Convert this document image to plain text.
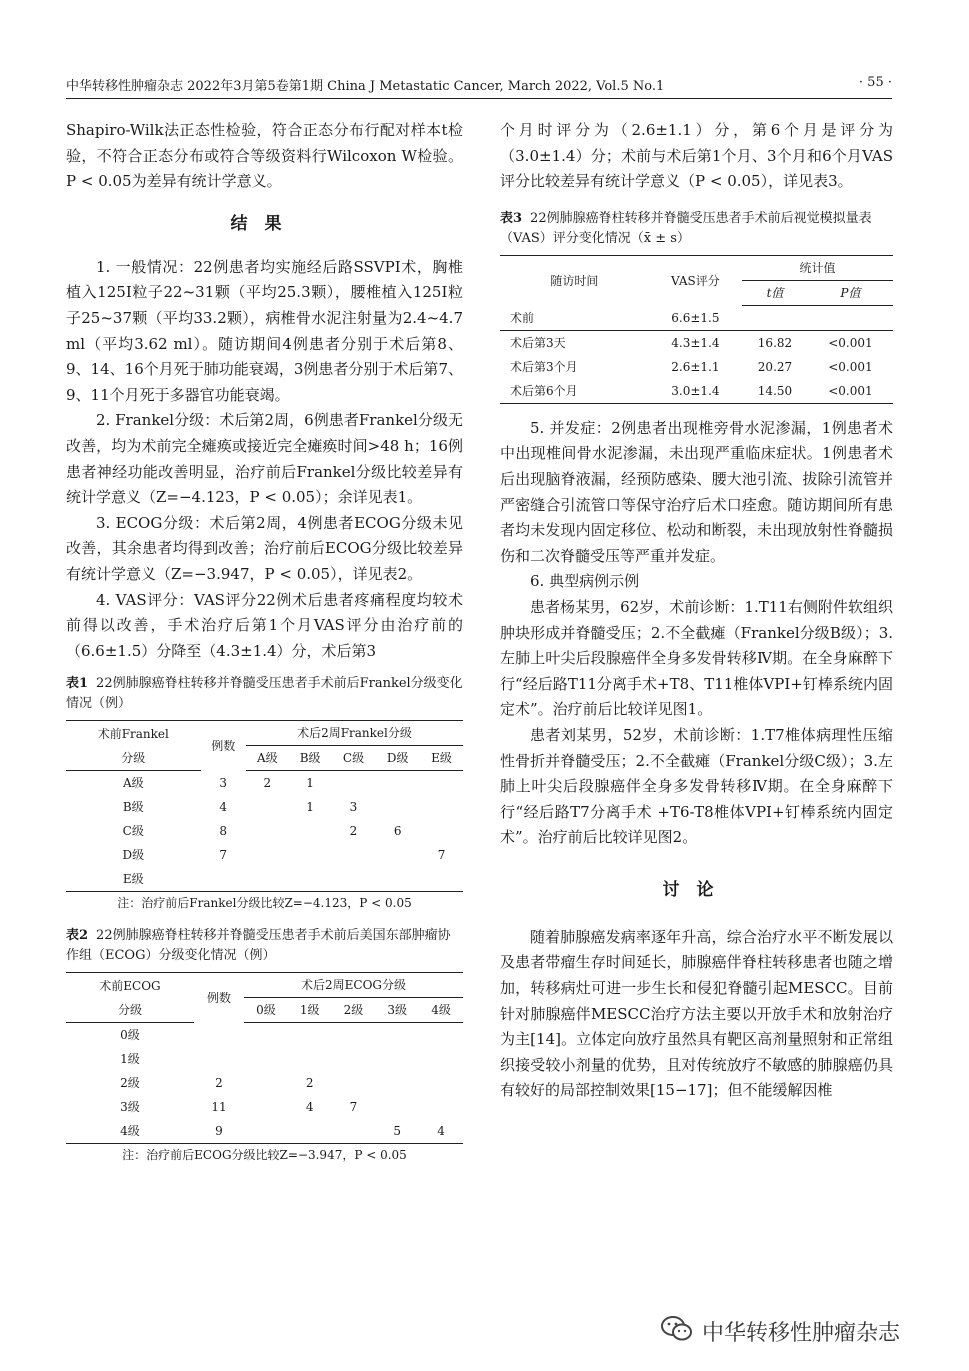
中华转移性肿瘤杂志 2022年3月第5卷第1期 China J Metastatic Cancer, March 2022, Vol.5 No.1	· 55 ·

Shapiro-Wilk法正态性检验，符合正态分布行配对样本t检验，不符合正态分布或符合等级资料行Wilcoxon W检验。P < 0.05为差异有统计学意义。

结果

1. 一般情况：22例患者均实施经后路SSVPI术，胸椎植入125I粒子22~31颗（平均25.3颗），腰椎植入125I粒子25~37颗（平均33.2颗），病椎骨水泥注射量为2.4~4.7 ml（平均3.62 ml）。随访期间4例患者分别于术后第8、9、14、16个月死于肺功能衰竭，3例患者分别于术后第7、9、11个月死于多器官功能衰竭。

2. Frankel分级：术后第2周，6例患者Frankel分级无改善，均为术前完全瘫痪或接近完全瘫痪时间>48 h；16例患者神经功能改善明显，治疗前后Frankel分级比较差异有统计学意义（Z=−4.123，P < 0.05）；余详见表1。

3. ECOG分级：术后第2周，4例患者ECOG分级未见改善，其余患者均得到改善；治疗前后ECOG分级比较差异有统计学意义（Z=−3.947，P < 0.05），详见表2。

4. VAS评分：VAS评分22例术后患者疼痛程度均较术前得以改善，手术治疗后第1个月VAS评分由治疗前的（6.6±1.5）分降至（4.3±1.4）分，术后第3

表1 22例肺腺癌脊柱转移并脊髓受压患者手术前后Frankel分级变化情况（例）

术前Frankel	例数	术后2周Frankel分级				
分级		A级	B级	C级	D级	E级
A级	3	2	1			
B级	4		1	3		
C级	8			2	6	
D级	7					7
E级						

注：治疗前后Frankel分级比较Z=−4.123，P < 0.05

表2 22例肺腺癌脊柱转移并脊髓受压患者手术前后美国东部肿瘤协作组（ECOG）分级变化情况（例）

术前ECOG	例数	术后2周ECOG分级				
分级		0级	1级	2级	3级	4级
0级						
1级						
2级	2		2			
3级	11		4	7		
4级	9				5	4

注：治疗前后ECOG分级比较Z=−3.947，P < 0.05

个月时评分为（2.6±1.1）分，第6个月是评分为（3.0±1.4）分；术前与术后第1个月、3个月和6个月VAS评分比较差异有统计学意义（P < 0.05），详见表3。

表3 22例肺腺癌脊柱转移并脊髓受压患者手术前后视觉模拟量表（VAS）评分变化情况（x̄ ± s）

随访时间	VAS评分	统计值	
		t值	P值
术前	6.6±1.5		
术后第3天	4.3±1.4	16.82	<0.001
术后第3个月	2.6±1.1	20.27	<0.001
术后第6个月	3.0±1.4	14.50	<0.001

5. 并发症：2例患者出现椎旁骨水泥渗漏，1例患者术中出现椎间骨水泥渗漏，未出现严重临床症状。1例患者术后出现脑脊液漏，经预防感染、腰大池引流、拔除引流管并严密缝合引流管口等保守治疗后术口痊愈。随访期间所有患者均未发现内固定移位、松动和断裂，未出现放射性脊髓损伤和二次脊髓受压等严重并发症。

6. 典型病例示例

患者杨某男，62岁，术前诊断：1.T11右侧附件软组织肿块形成并脊髓受压；2.不全截瘫（Frankel分级B级）；3.左肺上叶尖后段腺癌伴全身多发骨转移Ⅳ期。在全身麻醉下行“经后路T11分离手术+T8、T11椎体VPI+钉棒系统内固定术”。治疗前后比较详见图1。

患者刘某男，52岁，术前诊断：1.T7椎体病理性压缩性骨折并脊髓受压；2.不全截瘫（Frankel分级C级）；3.左肺上叶尖后段腺癌伴全身多发骨转移Ⅳ期。在全身麻醉下行“经后路T7分离手术 +T6-T8椎体VPI+钉棒系统内固定术”。治疗前后比较详见图2。

讨论

随着肺腺癌发病率逐年升高，综合治疗水平不断发展以及患者带瘤生存时间延长，肺腺癌伴脊柱转移患者也随之增加，转移病灶可进一步生长和侵犯脊髓引起MESCC。目前针对肺腺癌伴MESCC治疗方法主要以开放手术和放射治疗为主[14]。立体定向放疗虽然具有靶区高剂量照射和正常组织接受较小剂量的优势，且对传统放疗不敏感的肺腺癌仍具有较好的局部控制效果[15−17]；但不能缓解因椎

中华转移性肿瘤杂志
